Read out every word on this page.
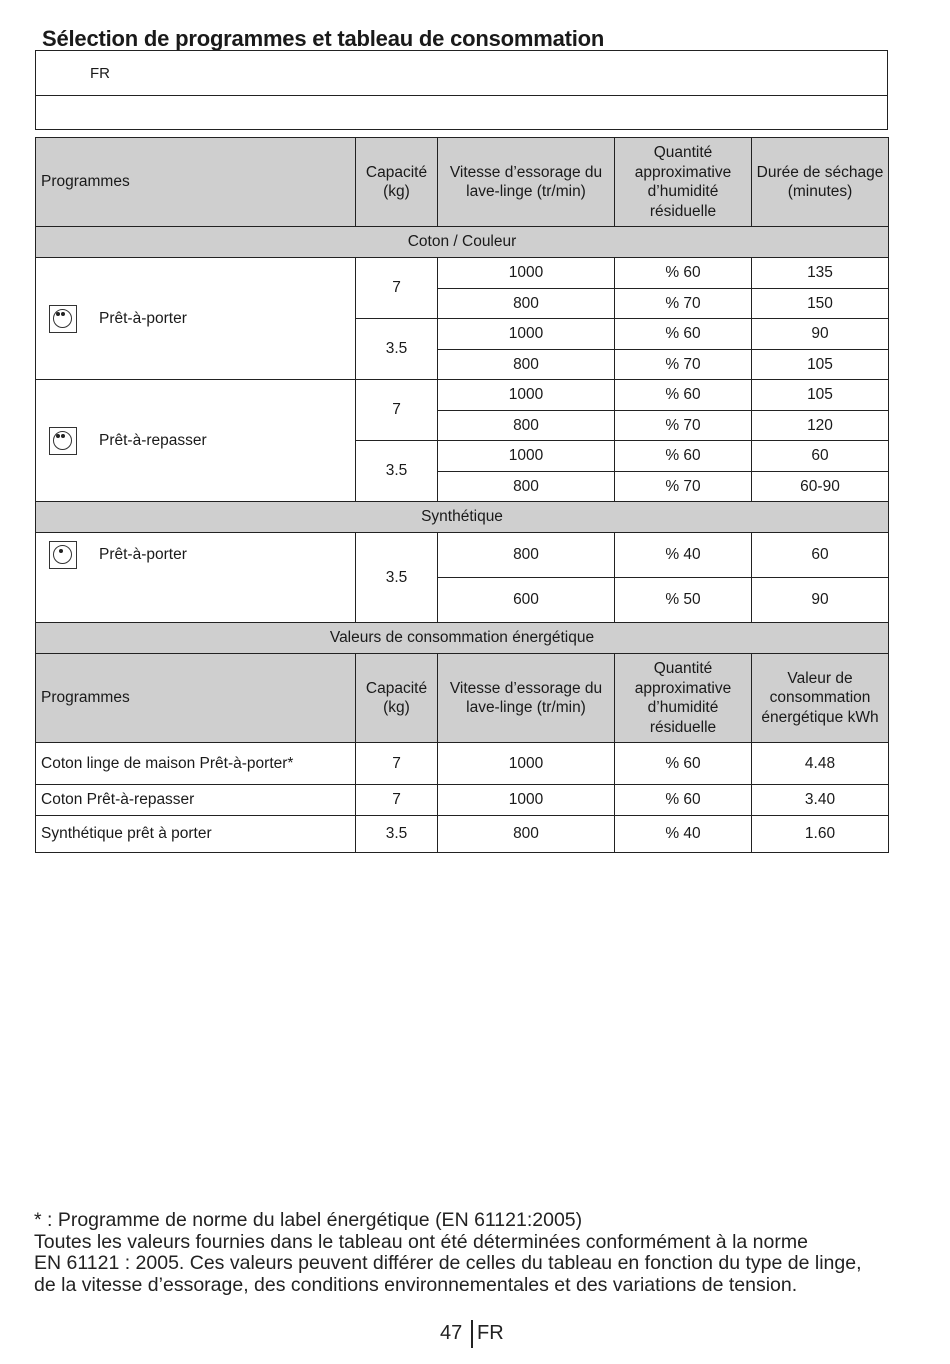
Sélection de programmes et tableau de consommation
FR
Programmes	Capacité (kg)	Vitesse d’essorage du lave-linge (tr/min)	Quantité approximative d’humidité résiduelle	Durée de séchage (minutes)
Coton / Couleur				

Prêt-à-porter	7	1000	% 60	135
		800	% 70	150
	3.5	1000	% 60	90
		800	% 70	105

Prêt-à-repasser	7	1000	% 60	105
		800	% 70	120
	3.5	1000	% 60	60
		800	% 70	60-90
Synthétique				

Prêt-à-porter	3.5	800	% 40	60
		600	% 50	90
Valeurs de consommation énergétique				
Programmes	Capacité (kg)	Vitesse d’essorage du lave-linge (tr/min)	Quantité approximative d’humidité résiduelle	Valeur de consommation énergétique kWh
Coton linge de maison Prêt-à-porter*	7	1000	% 60	4.48
Coton Prêt-à-repasser	7	1000	% 60	3.40
Synthétique prêt à porter	3.5	800	% 40	1.60

* : Programme de norme du label énergétique (EN 61121:2005)

Toutes les valeurs fournies dans le tableau ont été déterminées conformément à la norme

EN 61121 : 2005. Ces valeurs peuvent différer de celles du tableau en fonction du type de linge,

de la vitesse d’essorage, des conditions environnementales et des variations de tension.

47 FR
